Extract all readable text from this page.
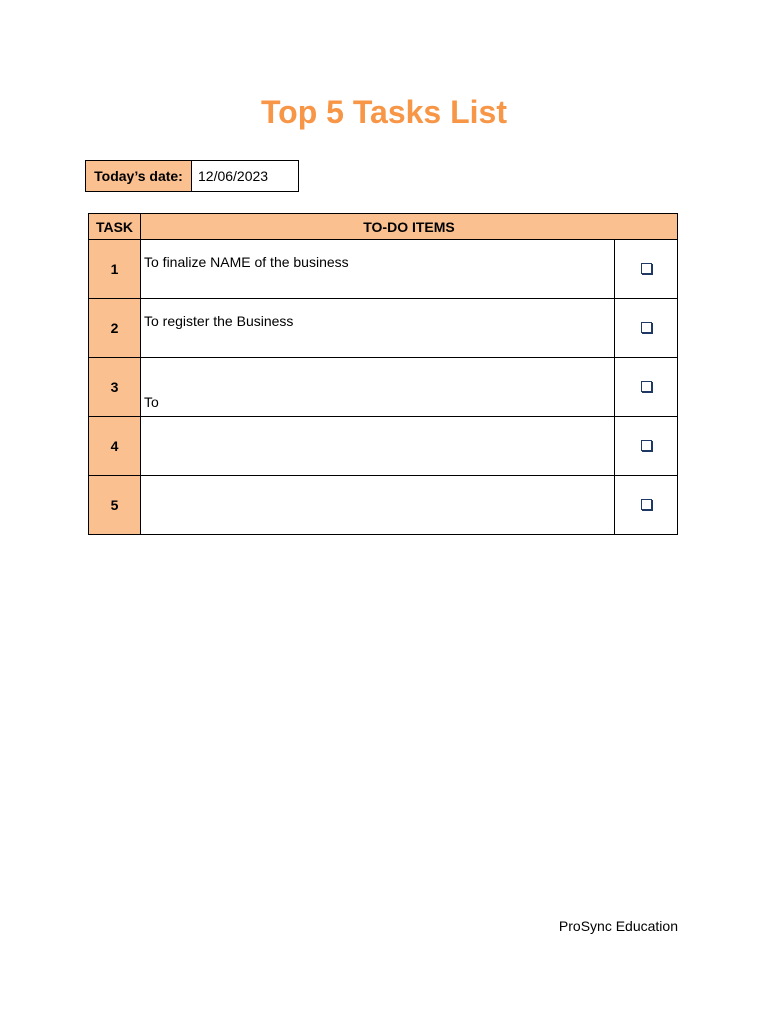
Top 5 Tasks List
Today’s date:	12/06/2023
TASK	TO-DO ITEMS	
1	To finalize NAME of the business	
2	To register the Business	
3	To	
4		
5		
ProSync Education
